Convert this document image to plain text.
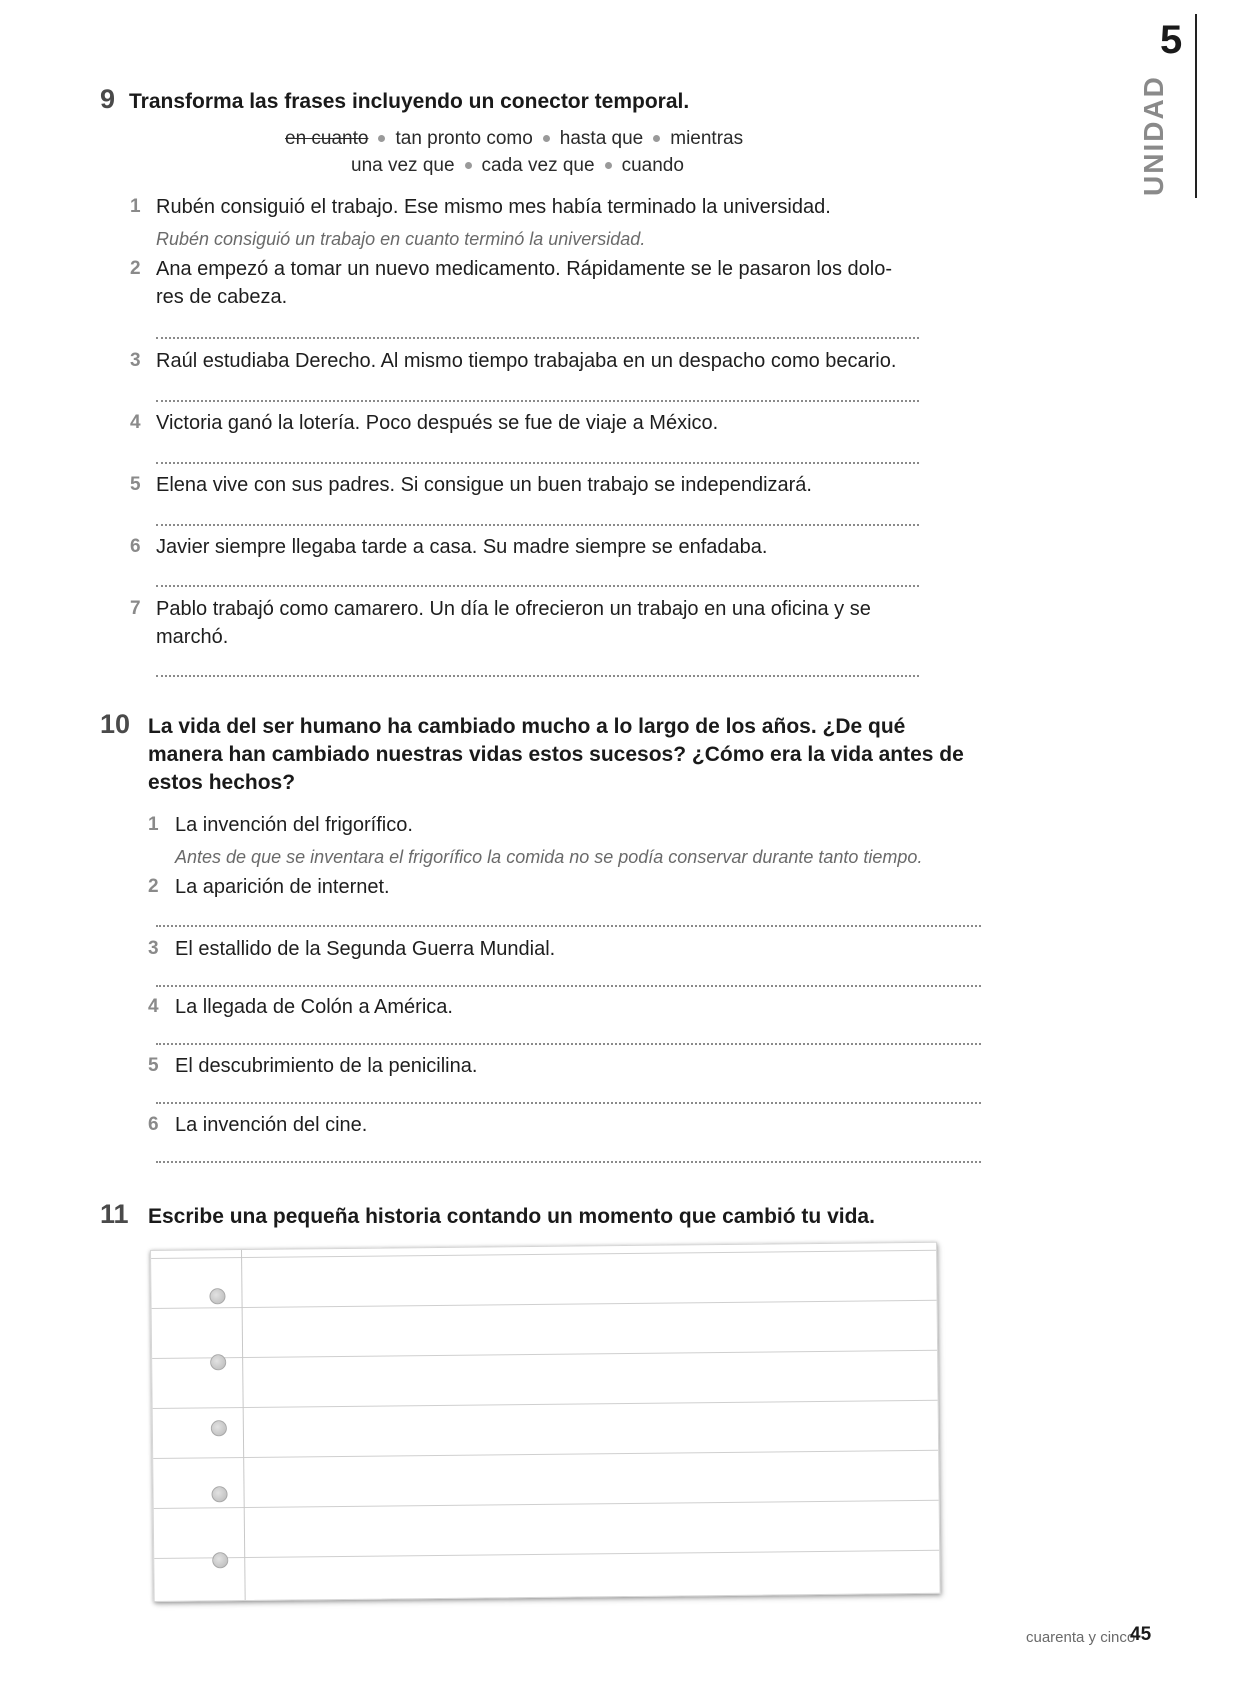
5
UNIDAD
9 Transforma las frases incluyendo un conector temporal.
en cuanto tan pronto como hasta que mientras
una vez que cada vez que cuando
1 Rubén consiguió el trabajo. Ese mismo mes había terminado la universidad.
Rubén consiguió un trabajo en cuanto terminó la universidad.
2 Ana empezó a tomar un nuevo medicamento. Rápidamente se le pasaron los dolo-
res de cabeza.
3 Raúl estudiaba Derecho. Al mismo tiempo trabajaba en un despacho como becario.
4 Victoria ganó la lotería. Poco después se fue de viaje a México.
5 Elena vive con sus padres. Si consigue un buen trabajo se independizará.
6 Javier siempre llegaba tarde a casa. Su madre siempre se enfadaba.
7 Pablo trabajó como camarero. Un día le ofrecieron un trabajo en una oficina y se
marchó.
10 La vida del ser humano ha cambiado mucho a lo largo de los años. ¿De qué
manera han cambiado nuestras vidas estos sucesos? ¿Cómo era la vida antes de
estos hechos?
1 La invención del frigorífico.
Antes de que se inventara el frigorífico la comida no se podía conservar durante tanto tiempo.
2 La aparición de internet.
3 El estallido de la Segunda Guerra Mundial.
4 La llegada de Colón a América.
5 El descubrimiento de la penicilina.
6 La invención del cine.
11 Escribe una pequeña historia contando un momento que cambió tu vida.
cuarenta y cinco
45
